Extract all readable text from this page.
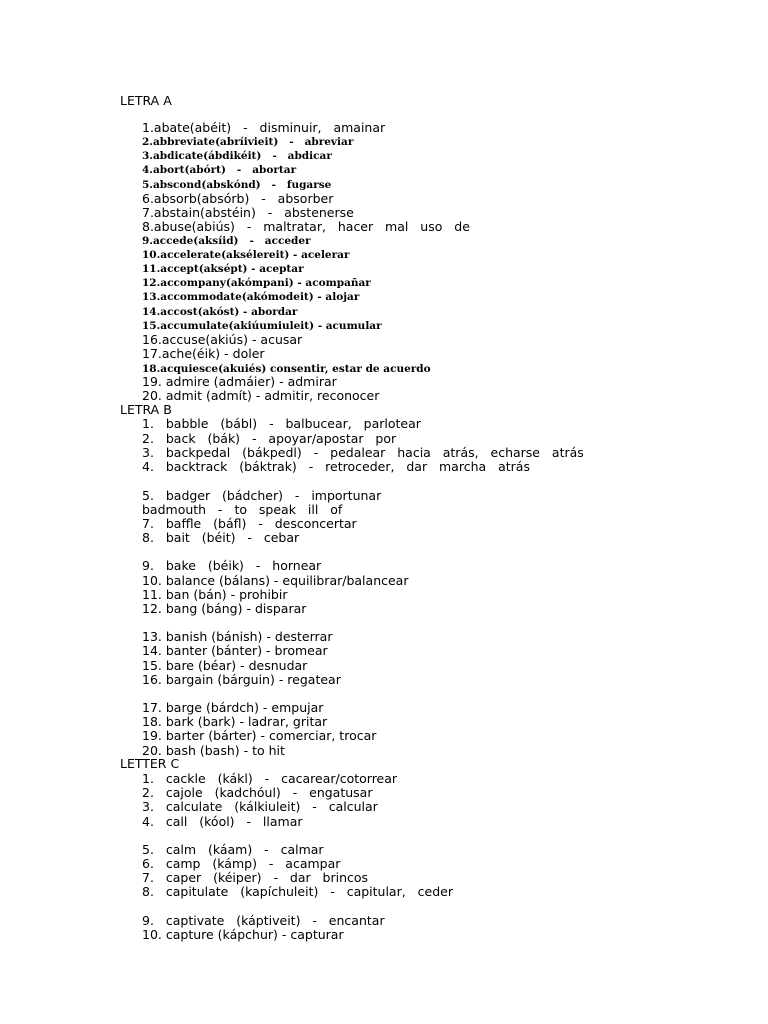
LETRA A
1.abate(abéit)   -   disminuir,   amainar
2.abbreviate(abríivieit)   -   abreviar
3.abdicate(ábdikéit)   -   abdicar
4.abort(abórt)   -   abortar
5.abscond(abskónd)   -   fugarse
6.absorb(absórb)   -   absorber
7.abstain(abstéin)   -   abstenerse
8.abuse(abiús)   -   maltratar,   hacer   mal   uso   de
9.accede(aksíid)   -   acceder
10.accelerate(aksélereit) - acelerar
11.accept(aksépt) - aceptar
12.accompany(akómpani) - acompañar
13.accommodate(akómodeit) - alojar
14.accost(akóst) - abordar
15.accumulate(akiúumiuleit) - acumular
16.accuse(akiús) - acusar
17.ache(éik) - doler
18.acquiesce(akuiés) consentir, estar de acuerdo
19. admire (admáier) - admirar
20. admit (admít) - admitir, reconocer
LETRA B
1.   babble   (bábl)   -   balbucear,   parlotear
2.   back   (bák)   -   apoyar/apostar   por
3.   backpedal   (bákpedl)   -   pedalear   hacia   atrás,   echarse   atrás
4.   backtrack   (báktrak)   -   retroceder,   dar   marcha   atrás
5.   badger   (bádcher)   -   importunar
badmouth   -   to   speak   ill   of
7.   baffle   (báfl)   -   desconcertar
8.   bait   (béit)   -   cebar
9.   bake   (béik)   -   hornear
10. balance (bálans) - equilibrar/balancear
11. ban (bán) - prohibir
12. bang (báng) - disparar
13. banish (bánish) - desterrar
14. banter (bánter) - bromear
15. bare (béar) - desnudar
16. bargain (bárguin) - regatear
17. barge (bárdch) - empujar
18. bark (bark) - ladrar, gritar
19. barter (bárter) - comerciar, trocar
20. bash (bash) - to hit
LETTER C
1.   cackle   (kákl)   -   cacarear/cotorrear
2.   cajole   (kadchóul)   -   engatusar
3.   calculate   (kálkiuleit)   -   calcular
4.   call   (kóol)   -   llamar
5.   calm   (káam)   -   calmar
6.   camp   (kámp)   -   acampar
7.   caper   (kéiper)   -   dar   brincos
8.   capitulate   (kapíchuleit)   -   capitular,   ceder
9.   captivate   (káptiveit)   -   encantar
10. capture (kápchur) - capturar
